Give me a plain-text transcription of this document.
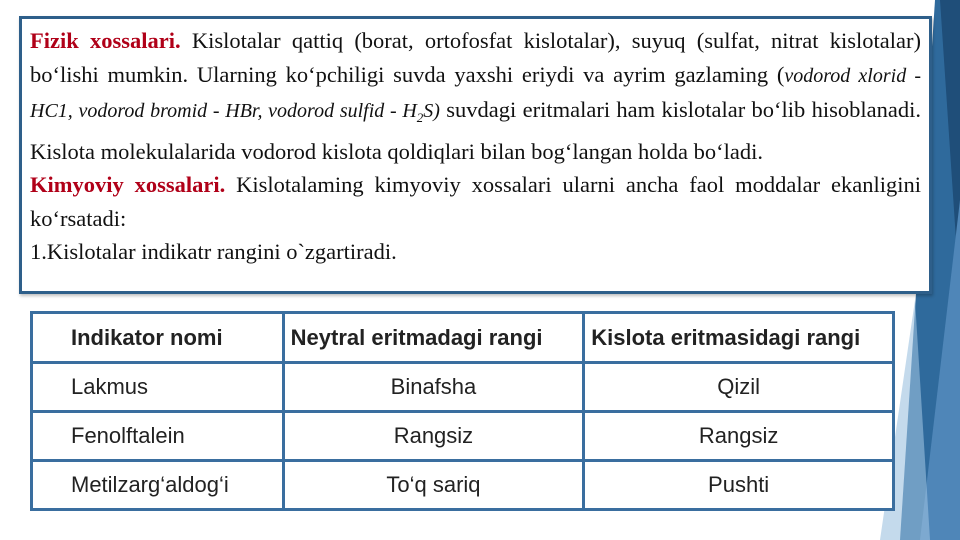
Fizik xossalari. Kislotalar qattiq (borat, ortofosfat kislotalar), suyuq (sulfat, nitrat kislotalar) bo‘lishi mumkin. Ularning ko‘pchiligi suvda yaxshi eriydi va ayrim gazlaming (vodorod xlorid - HC1, vodorod bromid - HBr, vodorod sulfid - $H_2S$) suvdagi eritmalari ham kislotalar bo‘lib hisoblanadi. Kislota molekulalarida vodorod kislota qoldiqlari bilan bog‘langan holda bo‘ladi.

Kimyoviy xossalari. Kislotalaming kimyoviy xossalari ularni ancha faol moddalar ekanligini ko‘rsatadi:

1.Kislotalar indikatr rangini o`zgartiradi.

Indikator nomi	Neytral eritmadagi rangi	Kislota eritmasidagi rangi
Lakmus	Binafsha	Qizil
Fenolftalein	Rangsiz	Rangsiz
Metilzarg‘aldog‘i	To‘q sariq	Pushti
